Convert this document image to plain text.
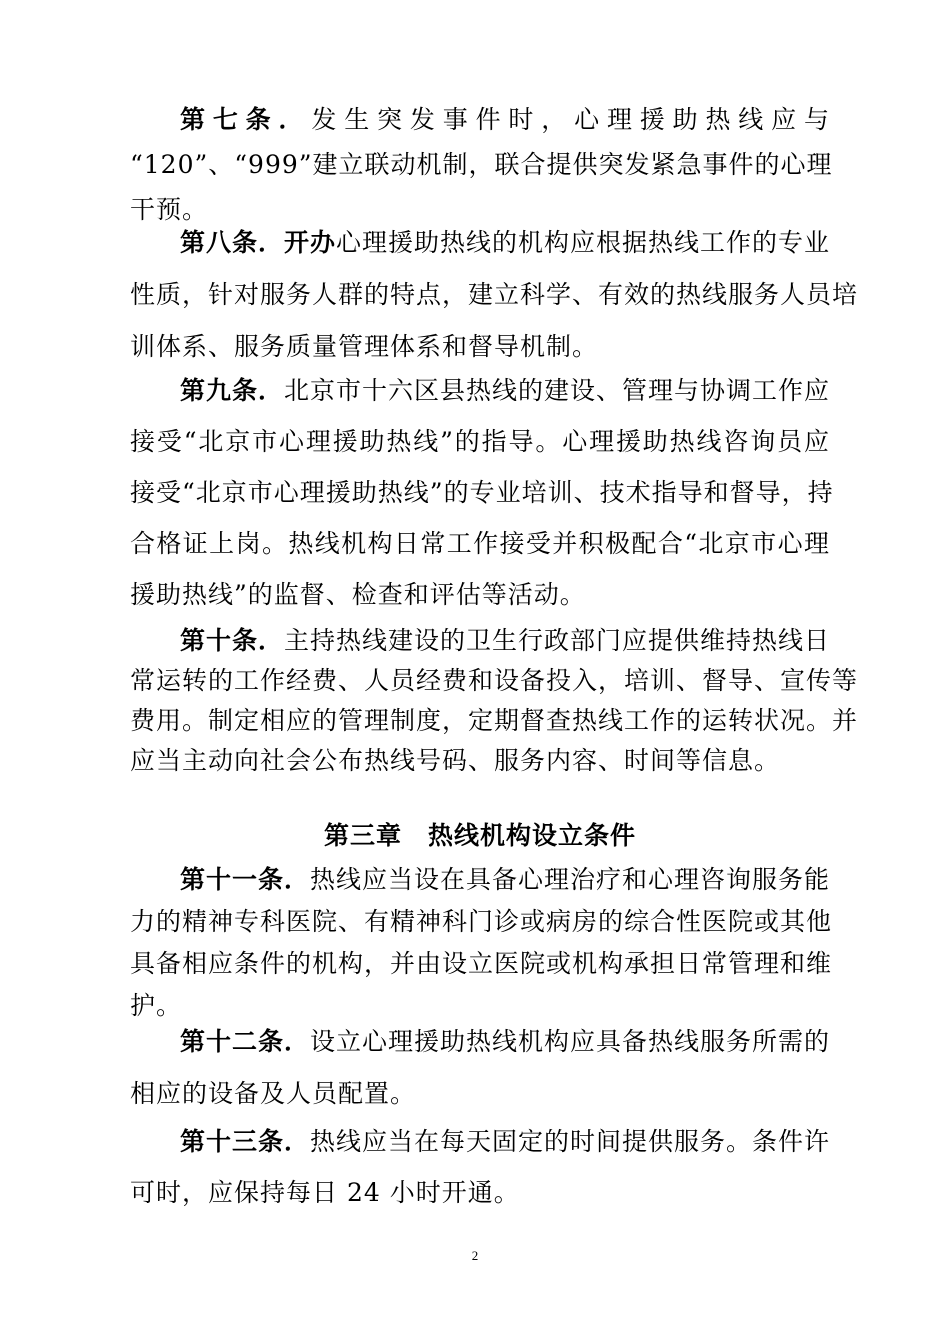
第七条．发生突发事件时，心理援助热线应与
“120”、“999”建立联动机制，联合提供突发紧急事件的心理
干预。
第八条．开办心理援助热线的机构应根据热线工作的专业
性质，针对服务人群的特点，建立科学、有效的热线服务人员培
训体系、服务质量管理体系和督导机制。
第九条．北京市十六区县热线的建设、管理与协调工作应
接受“北京市心理援助热线”的指导。心理援助热线咨询员应
接受“北京市心理援助热线”的专业培训、技术指导和督导，持
合格证上岗。热线机构日常工作接受并积极配合“北京市心理
援助热线”的监督、检查和评估等活动。
第十条．主持热线建设的卫生行政部门应提供维持热线日
常运转的工作经费、人员经费和设备投入，培训、督导、宣传等
费用。制定相应的管理制度，定期督查热线工作的运转状况。并
应当主动向社会公布热线号码、服务内容、时间等信息。
第三章 热线机构设立条件
第十一条．热线应当设在具备心理治疗和心理咨询服务能
力的精神专科医院、有精神科门诊或病房的综合性医院或其他
具备相应条件的机构，并由设立医院或机构承担日常管理和维
护。
第十二条．设立心理援助热线机构应具备热线服务所需的
相应的设备及人员配置。
第十三条．热线应当在每天固定的时间提供服务。条件许
可时，应保持每日 24 小时开通。
2
